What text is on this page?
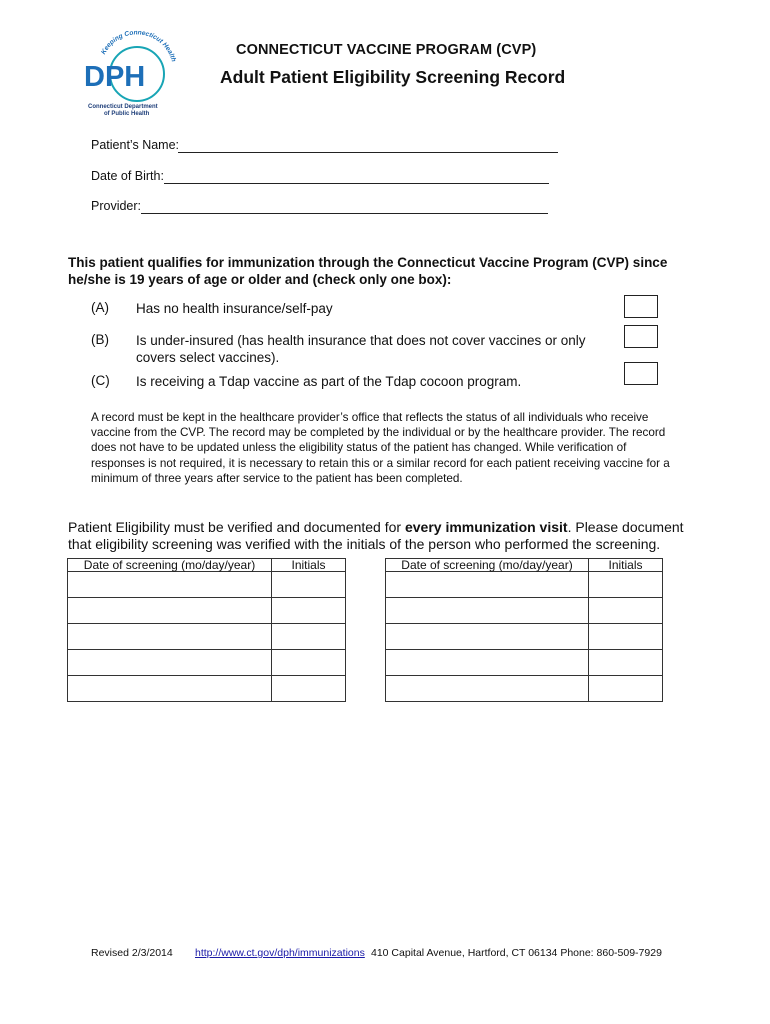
Keeping Connecticut Health
DPH
Connecticut Department
of Public Health
CONNECTICUT VACCINE PROGRAM (CVP)
Adult Patient Eligibility Screening Record
Patient’s Name:
Date of Birth:
Provider:
This patient qualifies for immunization through the Connecticut Vaccine Program (CVP) since he/she is 19 years of age or older and (check only one box):
(A) Has no health insurance/self-pay
(B) Is under-insured (has health insurance that does not cover vaccines or only covers select vaccines).
(C) Is receiving a Tdap vaccine as part of the Tdap cocoon program.
A record must be kept in the healthcare provider’s office that reflects the status of all individuals who receive vaccine from the CVP. The record may be completed by the individual or by the healthcare provider. The record does not have to be updated unless the eligibility status of the patient has changed. While verification of responses is not required, it is necessary to retain this or a similar record for each patient receiving vaccine for a minimum of three years after service to the patient has been completed.
Patient Eligibility must be verified and documented for every immunization visit. Please document that eligibility screening was verified with the initials of the person who performed the screening.
Date of screening (mo/day/year)	Initials

		Date of screening (mo/day/year)	Initials

Revised 2/3/2014 http://www.ct.gov/dph/immunizations 410 Capital Avenue, Hartford, CT 06134 Phone: 860-509-7929
